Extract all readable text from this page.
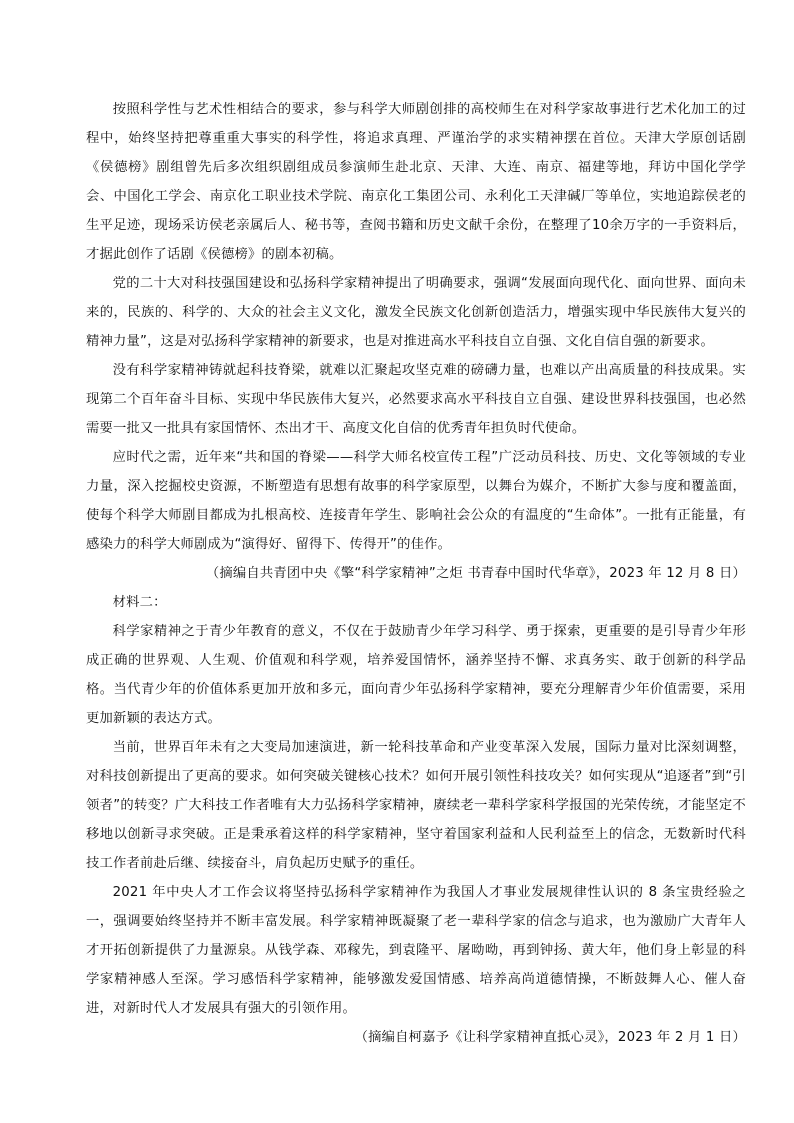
按照科学性与艺术性相结合的要求，参与科学大师剧创排的高校师生在对科学家故事进行艺术化加工的过程中，始终坚持把尊重重大事实的科学性，将追求真理、严谨治学的求实精神摆在首位。天津大学原创话剧《侯德榜》剧组曾先后多次组织剧组成员参演师生赴北京、天津、大连、南京、福建等地，拜访中国化学学会、中国化工学会、南京化工职业技术学院、南京化工集团公司、永利化工天津碱厂等单位，实地追踪侯老的生平足迹，现场采访侯老亲属后人、秘书等，查阅书籍和历史文献千余份，在整理了10余万字的一手资料后，才据此创作了话剧《侯德榜》的剧本初稿。

党的二十大对科技强国建设和弘扬科学家精神提出了明确要求，强调“发展面向现代化、面向世界、面向未来的，民族的、科学的、大众的社会主义文化，激发全民族文化创新创造活力，增强实现中华民族伟大复兴的精神力量”，这是对弘扬科学家精神的新要求，也是对推进高水平科技自立自强、文化自信自强的新要求。

没有科学家精神铸就起科技脊梁，就难以汇聚起攻坚克难的磅礴力量，也难以产出高质量的科技成果。实现第二个百年奋斗目标、实现中华民族伟大复兴，必然要求高水平科技自立自强、建设世界科技强国，也必然需要一批又一批具有家国情怀、杰出才干、高度文化自信的优秀青年担负时代使命。

应时代之需，近年来“共和国的脊梁——科学大师名校宣传工程”广泛动员科技、历史、文化等领域的专业力量，深入挖掘校史资源，不断塑造有思想有故事的科学家原型，以舞台为媒介，不断扩大参与度和覆盖面，使每个科学大师剧目都成为扎根高校、连接青年学生、影响社会公众的有温度的“生命体”。一批有正能量，有感染力的科学大师剧成为“演得好、留得下、传得开”的佳作。

（摘编自共青团中央《擎“科学家精神”之炬 书青春中国时代华章》，2023 年 12 月 8 日）

材料二：

科学家精神之于青少年教育的意义，不仅在于鼓励青少年学习科学、勇于探索，更重要的是引导青少年形成正确的世界观、人生观、价值观和科学观，培养爱国情怀，涵养坚持不懈、求真务实、敢于创新的科学品格。当代青少年的价值体系更加开放和多元，面向青少年弘扬科学家精神，要充分理解青少年价值需要，采用更加新颖的表达方式。

当前，世界百年未有之大变局加速演进，新一轮科技革命和产业变革深入发展，国际力量对比深刻调整，对科技创新提出了更高的要求。如何突破关键核心技术？如何开展引领性科技攻关？如何实现从“追逐者”到“引领者”的转变？广大科技工作者唯有大力弘扬科学家精神，赓续老一辈科学家科学报国的光荣传统，才能坚定不移地以创新寻求突破。正是秉承着这样的科学家精神，坚守着国家利益和人民利益至上的信念，无数新时代科技工作者前赴后继、续接奋斗，肩负起历史赋予的重任。

2021 年中央人才工作会议将坚持弘扬科学家精神作为我国人才事业发展规律性认识的 8 条宝贵经验之一，强调要始终坚持并不断丰富发展。科学家精神既凝聚了老一辈科学家的信念与追求，也为激励广大青年人才开拓创新提供了力量源泉。从钱学森、邓稼先，到袁隆平、屠呦呦，再到钟扬、黄大年，他们身上彰显的科学家精神感人至深。学习感悟科学家精神，能够激发爱国情感、培养高尚道德情操，不断鼓舞人心、催人奋进，对新时代人才发展具有强大的引领作用。

（摘编自柯嘉予《让科学家精神直抵心灵》，2023 年 2 月 1 日）
